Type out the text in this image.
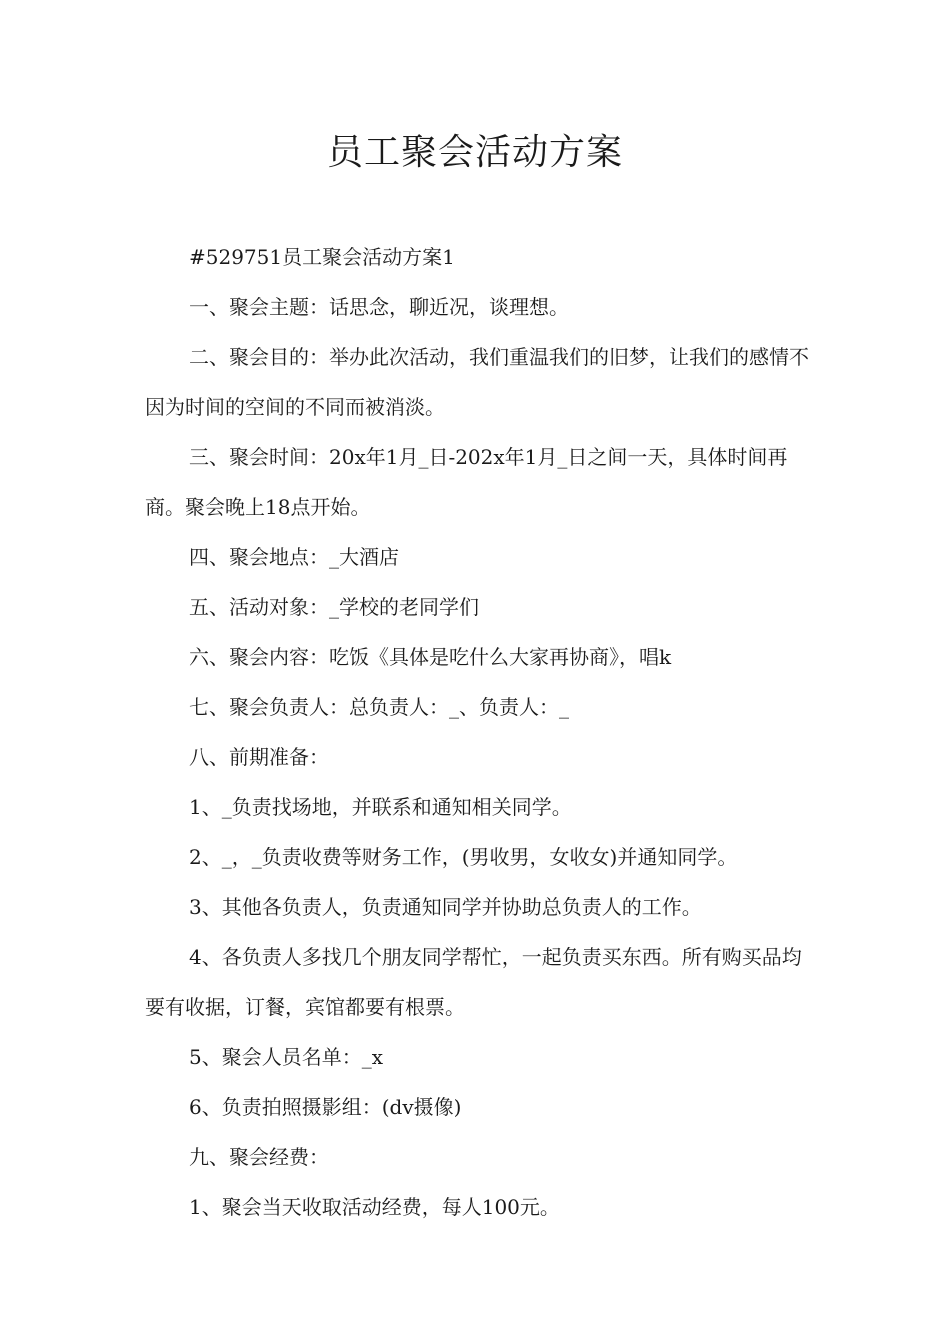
员工聚会活动方案

#529751员工聚会活动方案1

一、聚会主题：话思念，聊近况，谈理想。

二、聚会目的：举办此次活动，我们重温我们的旧梦，让我们的感情不因为时间的空间的不同而被消淡。

三、聚会时间：20x年1月_日-202x年1月_日之间一天，具体时间再商。聚会晚上18点开始。

四、聚会地点：_大酒店

五、活动对象：_学校的老同学们

六、聚会内容：吃饭《具体是吃什么大家再协商》，唱k

七、聚会负责人：总负责人：_、负责人：_

八、前期准备：

1、_负责找场地，并联系和通知相关同学。

2、_，_负责收费等财务工作，(男收男，女收女)并通知同学。

3、其他各负责人，负责通知同学并协助总负责人的工作。

4、各负责人多找几个朋友同学帮忙，一起负责买东西。所有购买品均要有收据，订餐，宾馆都要有根票。

5、聚会人员名单：_x

6、负责拍照摄影组：(dv摄像)

九、聚会经费：

1、聚会当天收取活动经费，每人100元。
